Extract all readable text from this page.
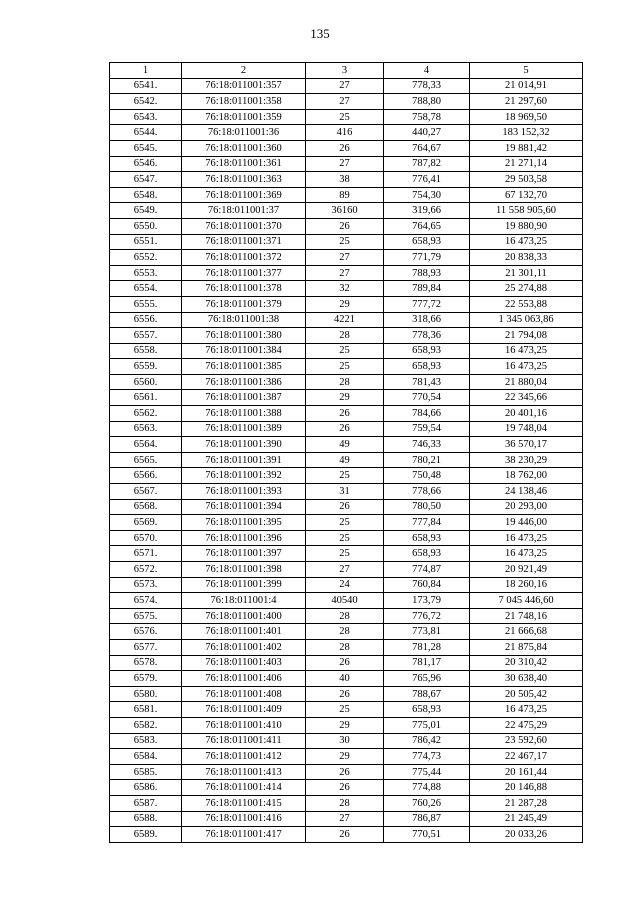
135
1	2	3	4	5
6541.	76:18:011001:357	27	778,33	21 014,91
6542.	76:18:011001:358	27	788,80	21 297,60
6543.	76:18:011001:359	25	758,78	18 969,50
6544.	76:18:011001:36	416	440,27	183 152,32
6545.	76:18:011001:360	26	764,67	19 881,42
6546.	76:18:011001:361	27	787,82	21 271,14
6547.	76:18:011001:363	38	776,41	29 503,58
6548.	76:18:011001:369	89	754,30	67 132,70
6549.	76:18:011001:37	36160	319,66	11 558 905,60
6550.	76:18:011001:370	26	764,65	19 880,90
6551.	76:18:011001:371	25	658,93	16 473,25
6552.	76:18:011001:372	27	771,79	20 838,33
6553.	76:18:011001:377	27	788,93	21 301,11
6554.	76:18:011001:378	32	789,84	25 274,88
6555.	76:18:011001:379	29	777,72	22 553,88
6556.	76:18:011001:38	4221	318,66	1 345 063,86
6557.	76:18:011001:380	28	778,36	21 794,08
6558.	76:18:011001:384	25	658,93	16 473,25
6559.	76:18:011001:385	25	658,93	16 473,25
6560.	76:18:011001:386	28	781,43	21 880,04
6561.	76:18:011001:387	29	770,54	22 345,66
6562.	76:18:011001:388	26	784,66	20 401,16
6563.	76:18:011001:389	26	759,54	19 748,04
6564.	76:18:011001:390	49	746,33	36 570,17
6565.	76:18:011001:391	49	780,21	38 230,29
6566.	76:18:011001:392	25	750,48	18 762,00
6567.	76:18:011001:393	31	778,66	24 138,46
6568.	76:18:011001:394	26	780,50	20 293,00
6569.	76:18:011001:395	25	777,84	19 446,00
6570.	76:18:011001:396	25	658,93	16 473,25
6571.	76:18:011001:397	25	658,93	16 473,25
6572.	76:18:011001:398	27	774,87	20 921,49
6573.	76:18:011001:399	24	760,84	18 260,16
6574.	76:18:011001:4	40540	173,79	7 045 446,60
6575.	76:18:011001:400	28	776,72	21 748,16
6576.	76:18:011001:401	28	773,81	21 666,68
6577.	76:18:011001:402	28	781,28	21 875,84
6578.	76:18:011001:403	26	781,17	20 310,42
6579.	76:18:011001:406	40	765,96	30 638,40
6580.	76:18:011001:408	26	788,67	20 505,42
6581.	76:18:011001:409	25	658,93	16 473,25
6582.	76:18:011001:410	29	775,01	22 475,29
6583.	76:18:011001:411	30	786,42	23 592,60
6584.	76:18:011001:412	29	774,73	22 467,17
6585.	76:18:011001:413	26	775,44	20 161,44
6586.	76:18:011001:414	26	774,88	20 146,88
6587.	76:18:011001:415	28	760,26	21 287,28
6588.	76:18:011001:416	27	786,87	21 245,49
6589.	76:18:011001:417	26	770,51	20 033,26
